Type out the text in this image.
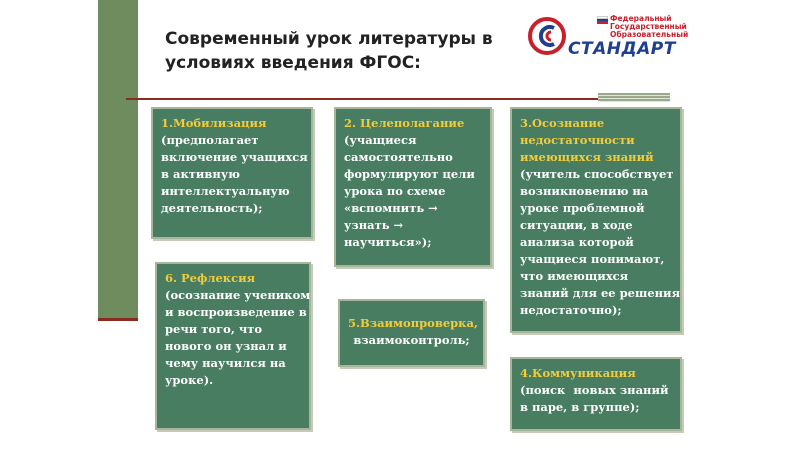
Современный урок литературы в
условиях введения ФГОС:
Федеральный
Государственный
Образовательный
СТАНДАРТ
1.Мобилизация
(предполагает
включение учащихся
в активную
интеллектуальную
деятельность);
2. Целеполагание
(учащиеся
самостоятельно
формулируют цели
урока по схеме
«вспомнить →
узнать →
научиться»);
3.Осознание
недостаточности
имеющихся знаний
(учитель способствует
возникновению на
уроке проблемной
ситуации, в ходе
анализа которой
учащиеся понимают,
что имеющихся
знаний для ее решения
недостаточно);
6. Рефлексия
(осознание учеником
и воспроизведение в
речи того, что
нового он узнал и
чему научился на
уроке).
5.Взаимопроверка,
взаимоконтроль;
4.Коммуникация
(поиск  новых знаний
в паре, в группе);
